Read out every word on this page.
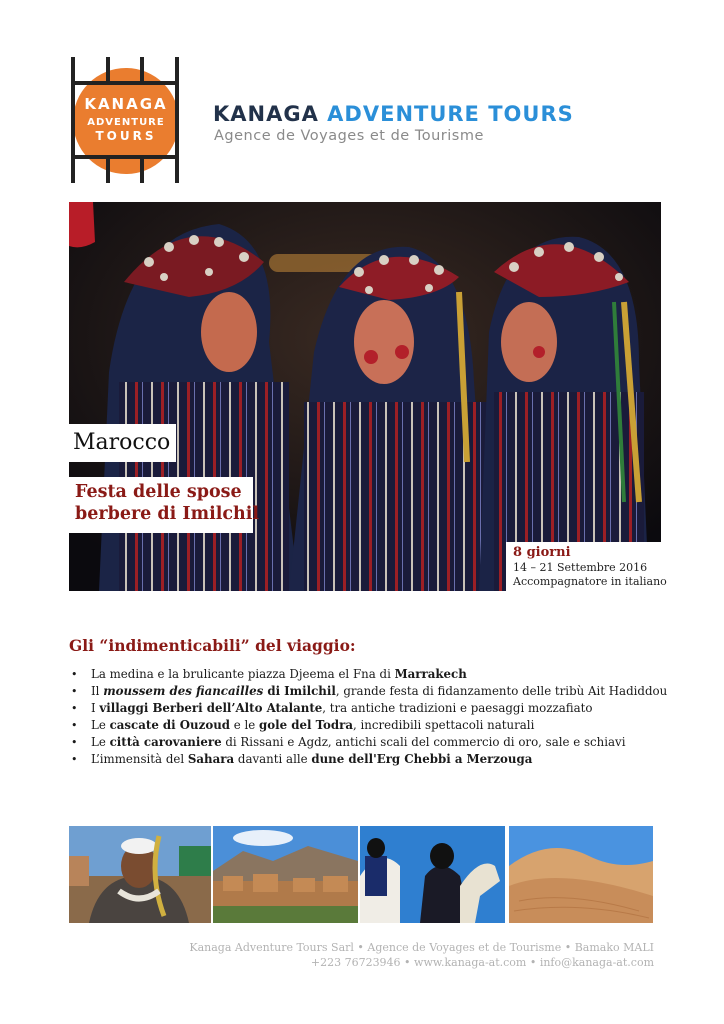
KANAGA
ADVENTURE
TOURS
KANAGA ADVENTURE TOURS
Agence de Voyages et de Tourisme
Marocco
Festa delle spose
berbere di Imilchil
8 giorni
14 – 21 Settembre 2016
Accompagnatore in italiano
Gli “indimenticabili” del viaggio:
• La medina e la brulicante piazza Djeema el Fna di Marrakech
• Il moussem des fiancailles di Imilchil, grande festa di fidanzamento delle tribù Ait Hadiddou
• I villaggi Berberi dell’Alto Atalante, tra antiche tradizioni e paesaggi mozzafiato
• Le cascate di Ouzoud e le gole del Todra, incredibili spettacoli naturali
• Le città carovaniere di Rissani e Agdz, antichi scali del commercio di oro, sale e schiavi
• L’immensità del Sahara davanti alle dune dell'Erg Chebbi a Merzouga
Kanaga Adventure Tours Sarl • Agence de Voyages et de Tourisme • Bamako MALI
+223 76723946 • www.kanaga-at.com • info@kanaga-at.com
